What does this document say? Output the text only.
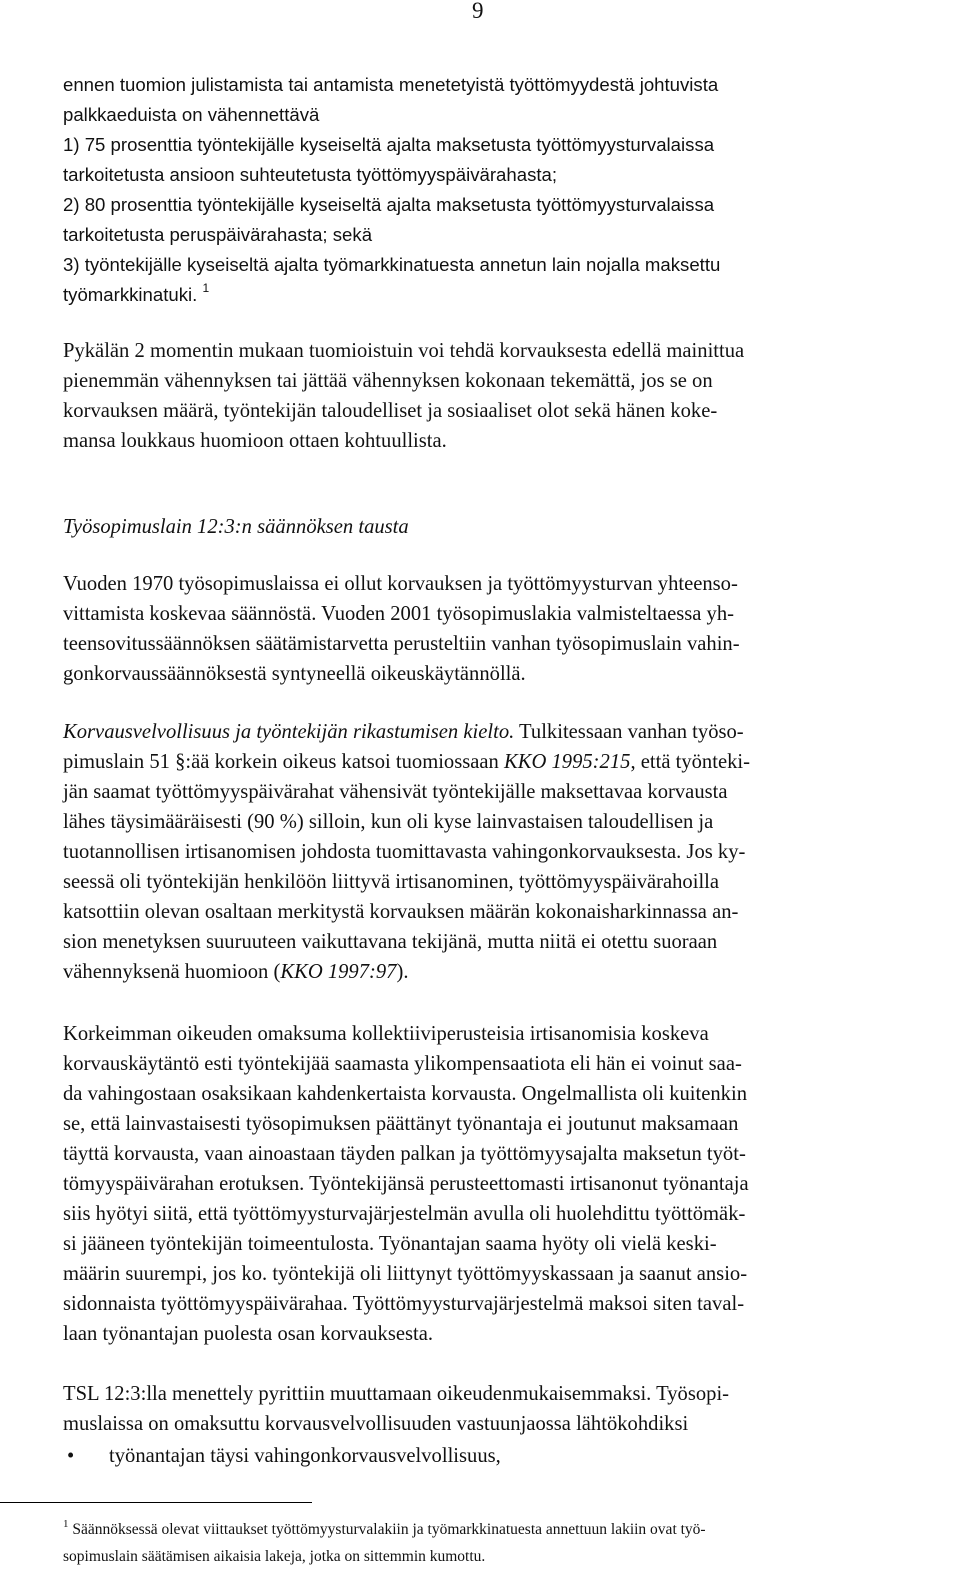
9
ennen tuomion julistamista tai antamista menetetyistä työttömyydestä johtuvista
palkkaeduista on vähennettävä
1) 75 prosenttia työntekijälle kyseiseltä ajalta maksetusta työttömyysturvalaissa
tarkoitetusta ansioon suhteutetusta työttömyyspäivärahasta;
2) 80 prosenttia työntekijälle kyseiseltä ajalta maksetusta työttömyysturvalaissa
tarkoitetusta peruspäivärahasta; sekä
3) työntekijälle kyseiseltä ajalta työmarkkinatuesta annetun lain nojalla maksettu
työmarkkinatuki. $^1$
Pykälän 2 momentin mukaan tuomioistuin voi tehdä korvauksesta edellä mainittua
pienemmän vähennyksen tai jättää vähennyksen kokonaan tekemättä, jos se on
korvauksen määrä, työntekijän taloudelliset ja sosiaaliset olot sekä hänen koke-
mansa loukkaus huomioon ottaen kohtuullista.
Työsopimuslain 12:3:n säännöksen tausta
Vuoden 1970 työsopimuslaissa ei ollut korvauksen ja työttömyysturvan yhteenso-
vittamista koskevaa säännöstä. Vuoden 2001 työsopimuslakia valmisteltaessa yh-
teensovitussäännöksen säätämistarvetta perusteltiin vanhan työsopimuslain vahin-
gonkorvaussäännöksestä syntyneellä oikeuskäytännöllä.
Korvausvelvollisuus ja työntekijän rikastumisen kielto. Tulkitessaan vanhan työso-
pimuslain 51 §:ää korkein oikeus katsoi tuomiossaan KKO 1995:215, että työnteki-
jän saamat työttömyyspäivärahat vähensivät työntekijälle maksettavaa korvausta
lähes täysimääräisesti (90 %) silloin, kun oli kyse lainvastaisen taloudellisen ja
tuotannollisen irtisanomisen johdosta tuomittavasta vahingonkorvauksesta. Jos ky-
seessä oli työntekijän henkilöön liittyvä irtisanominen, työttömyyspäivärahoilla
katsottiin olevan osaltaan merkitystä korvauksen määrän kokonaisharkinnassa an-
sion menetyksen suuruuteen vaikuttavana tekijänä, mutta niitä ei otettu suoraan
vähennyksenä huomioon (KKO 1997:97).
Korkeimman oikeuden omaksuma kollektiiviperusteisia irtisanomisia koskeva
korvauskäytäntö esti työntekijää saamasta ylikompensaatiota eli hän ei voinut saa-
da vahingostaan osaksikaan kahdenkertaista korvausta. Ongelmallista oli kuitenkin
se, että lainvastaisesti työsopimuksen päättänyt työnantaja ei joutunut maksamaan
täyttä korvausta, vaan ainoastaan täyden palkan ja työttömyysajalta maksetun työt-
tömyyspäivärahan erotuksen. Työntekijänsä perusteettomasti irtisanonut työnantaja
siis hyötyi siitä, että työttömyysturvajärjestelmän avulla oli huolehdittu työttömäk-
si jääneen työntekijän toimeentulosta. Työnantajan saama hyöty oli vielä keski-
määrin suurempi, jos ko. työntekijä oli liittynyt työttömyyskassaan ja saanut ansio-
sidonnaista työttömyyspäivärahaa. Työttömyysturvajärjestelmä maksoi siten taval-
laan työnantajan puolesta osan korvauksesta.
TSL 12:3:lla menettely pyrittiin muuttamaan oikeudenmukaisemmaksi. Työsopi-
muslaissa on omaksuttu korvausvelvollisuuden vastuunjaossa lähtökohdiksi
• työnantajan täysi vahingonkorvausvelvollisuus,
$^1$ Säännöksessä olevat viittaukset työttömyysturvalakiin ja työmarkkinatuesta annettuun lakiin ovat työ-
sopimuslain säätämisen aikaisia lakeja, jotka on sittemmin kumottu.
